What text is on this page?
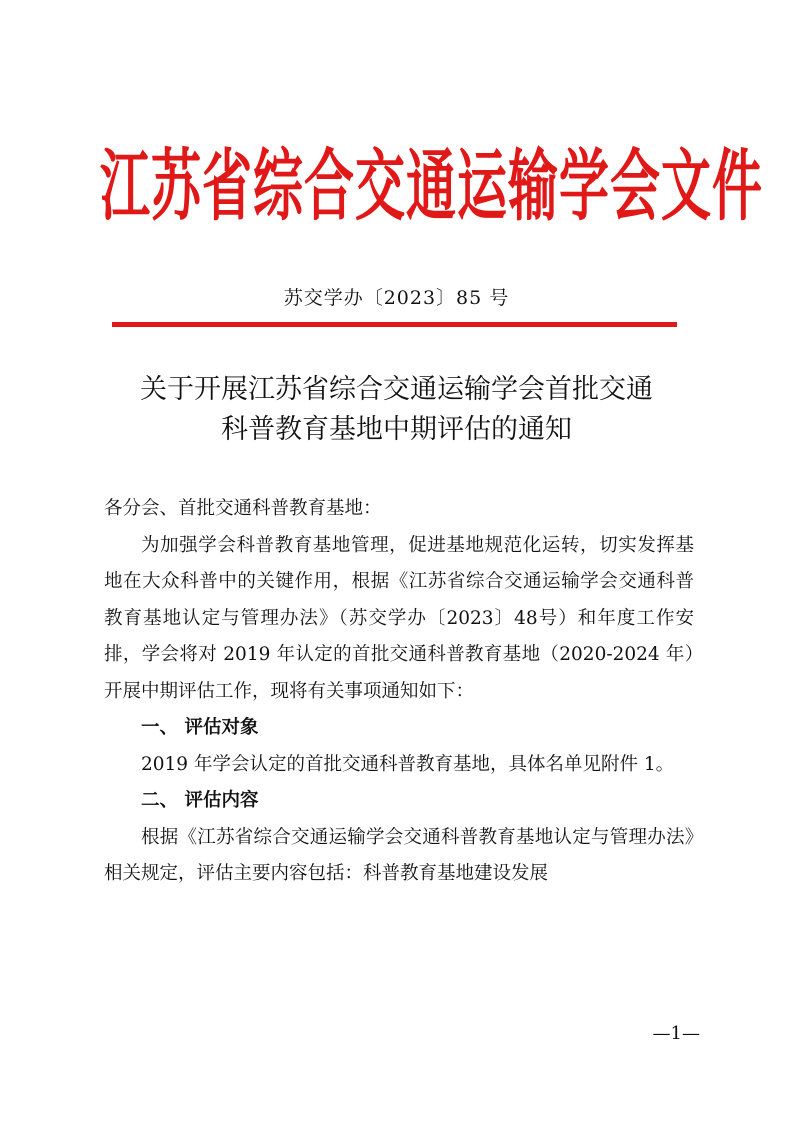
江苏省综合交通运输学会文件
苏交学办〔2023〕85 号
关于开展江苏省综合交通运输学会首批交通
科普教育基地中期评估的通知

各分会、首批交通科普教育基地：

为加强学会科普教育基地管理，促进基地规范化运转，切实发挥基地在大众科普中的关键作用，根据《江苏省综合交通运输学会交通科普教育基地认定与管理办法》（苏交学办〔2023〕48号）和年度工作安排，学会将对 2019 年认定的首批交通科普教育基地（2020-2024 年）开展中期评估工作，现将有关事项通知如下：

一、 评估对象

2019 年学会认定的首批交通科普教育基地，具体名单见附件 1。

二、 评估内容

根据《江苏省综合交通运输学会交通科普教育基地认定与管理办法》相关规定，评估主要内容包括：科普教育基地建设发展

—1—
